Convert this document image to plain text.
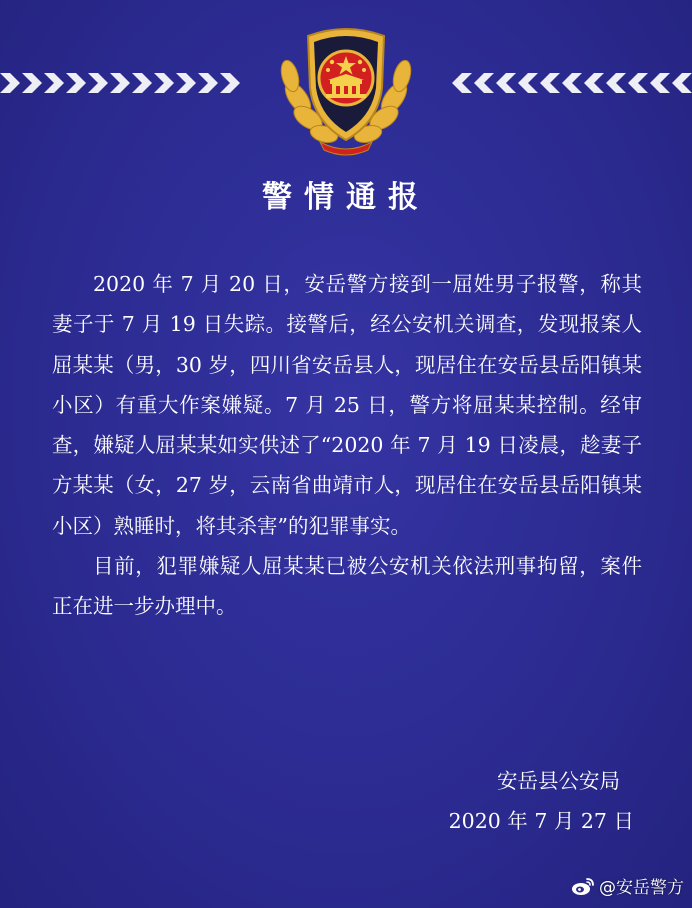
警情通报

2020 年 7 月 20 日，安岳警方接到一屈姓男子报警，称其妻子于 7 月 19 日失踪。接警后，经公安机关调查，发现报案人屈某某（男，30 岁，四川省安岳县人，现居住在安岳县岳阳镇某小区）有重大作案嫌疑。7 月 25 日，警方将屈某某控制。经审查，嫌疑人屈某某如实供述了“2020 年 7 月 19 日凌晨，趁妻子方某某（女，27 岁，云南省曲靖市人，现居住在安岳县岳阳镇某小区）熟睡时，将其杀害”的犯罪事实。

目前，犯罪嫌疑人屈某某已被公安机关依法刑事拘留，案件正在进一步办理中。

安岳县公安局
2020 年 7 月 27 日
@安岳警方
